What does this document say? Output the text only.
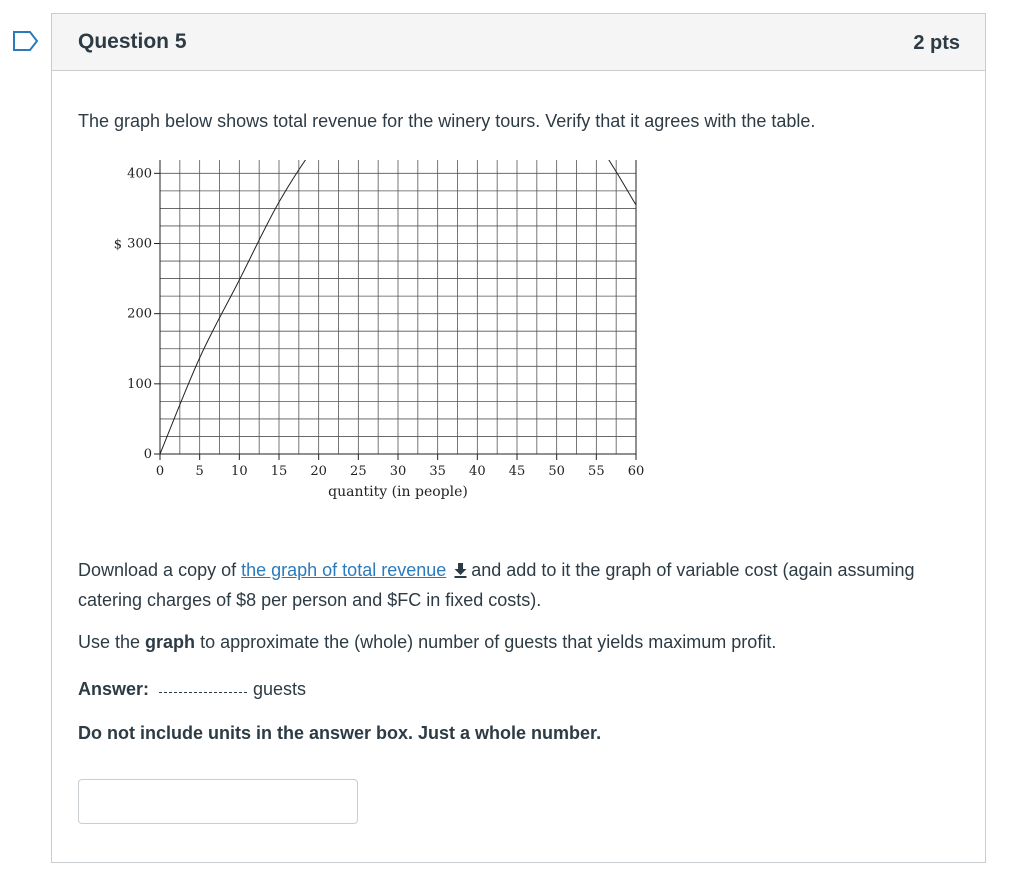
Question 5	2 pts
The graph below shows total revenue for the winery tours. Verify that it agrees with the table.
0 5 10 15 20 25 30 35 40 45 50 55 60
0
100
200
300
400
$
quantity (in people)
Download a copy of the graph of total revenue and add to it the graph of variable cost (again assuming catering charges of $8 per person and $FC in fixed costs).
Use the graph to approximate the (whole) number of guests that yields maximum profit.
Answer:	guests
Do not include units in the answer box. Just a whole number.
